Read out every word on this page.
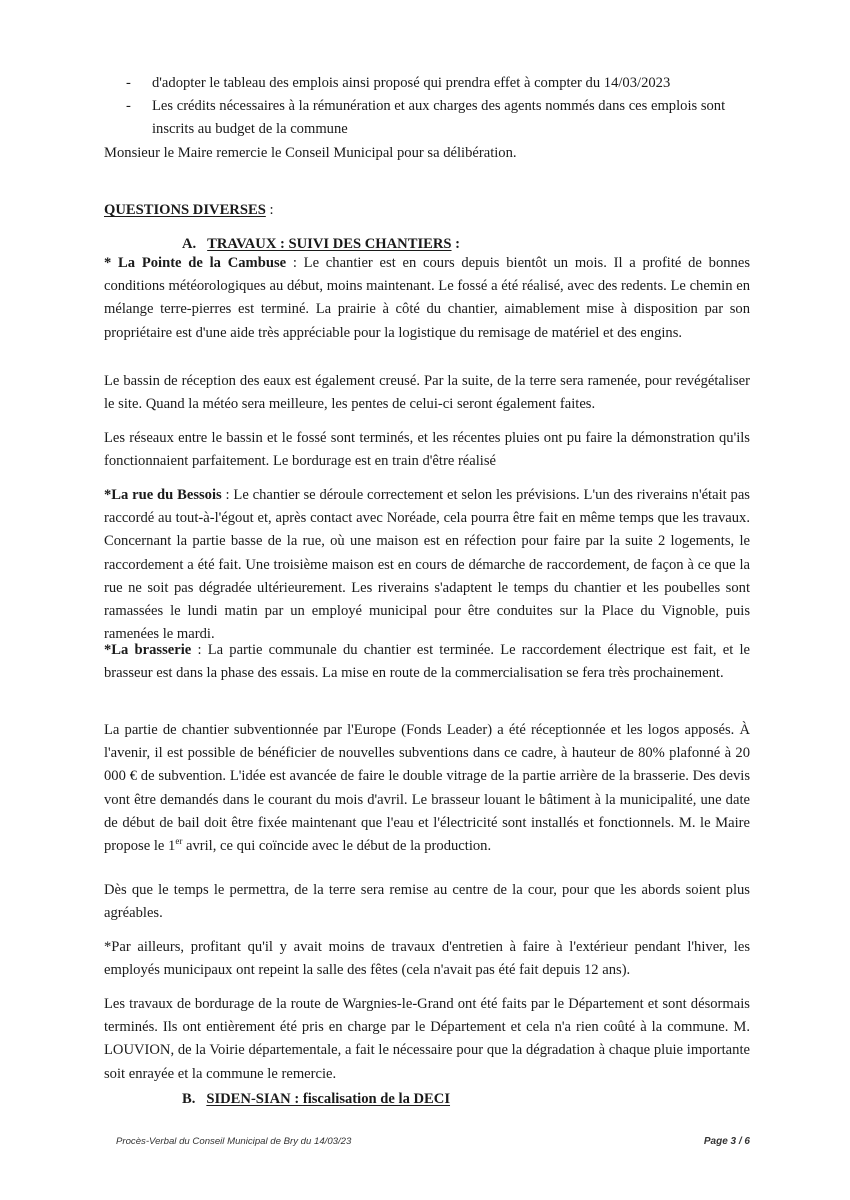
- d'adopter le tableau des emplois ainsi proposé qui prendra effet à compter du 14/03/2023
- Les crédits nécessaires à la rémunération et aux charges des agents nommés dans ces emplois sont inscrits au budget de la commune
Monsieur le Maire remercie le Conseil Municipal pour sa délibération.
QUESTIONS DIVERSES :
A. TRAVAUX : SUIVI DES CHANTIERS :
* La Pointe de la Cambuse : Le chantier est en cours depuis bientôt un mois. Il a profité de bonnes conditions météorologiques au début, moins maintenant. Le fossé a été réalisé, avec des redents. Le chemin en mélange terre-pierres est terminé. La prairie à côté du chantier, aimablement mise à disposition par son propriétaire est d'une aide très appréciable pour la logistique du remisage de matériel et des engins.
Le bassin de réception des eaux est également creusé. Par la suite, de la terre sera ramenée, pour revégétaliser le site. Quand la météo sera meilleure, les pentes de celui-ci seront également faites.
Les réseaux entre le bassin et le fossé sont terminés, et les récentes pluies ont pu faire la démonstration qu'ils fonctionnaient parfaitement. Le bordurage est en train d'être réalisé
*La rue du Bessois : Le chantier se déroule correctement et selon les prévisions. L'un des riverains n'était pas raccordé au tout-à-l'égout et, après contact avec Noréade, cela pourra être fait en même temps que les travaux. Concernant la partie basse de la rue, où une maison est en réfection pour faire par la suite 2 logements, le raccordement a été fait. Une troisième maison est en cours de démarche de raccordement, de façon à ce que la rue ne soit pas dégradée ultérieurement. Les riverains s'adaptent le temps du chantier et les poubelles sont ramassées le lundi matin par un employé municipal pour être conduites sur la Place du Vignoble, puis ramenées le mardi.
*La brasserie : La partie communale du chantier est terminée. Le raccordement électrique est fait, et le brasseur est dans la phase des essais. La mise en route de la commercialisation se fera très prochainement.
La partie de chantier subventionnée par l'Europe (Fonds Leader) a été réceptionnée et les logos apposés. À l'avenir, il est possible de bénéficier de nouvelles subventions dans ce cadre, à hauteur de 80% plafonné à 20 000 € de subvention. L'idée est avancée de faire le double vitrage de la partie arrière de la brasserie. Des devis vont être demandés dans le courant du mois d'avril. Le brasseur louant le bâtiment à la municipalité, une date de début de bail doit être fixée maintenant que l'eau et l'électricité sont installés et fonctionnels. M. le Maire propose le 1er avril, ce qui coïncide avec le début de la production.
Dès que le temps le permettra, de la terre sera remise au centre de la cour, pour que les abords soient plus agréables.
*Par ailleurs, profitant qu'il y avait moins de travaux d'entretien à faire à l'extérieur pendant l'hiver, les employés municipaux ont repeint la salle des fêtes (cela n'avait pas été fait depuis 12 ans).
Les travaux de bordurage de la route de Wargnies-le-Grand ont été faits par le Département et sont désormais terminés. Ils ont entièrement été pris en charge par le Département et cela n'a rien coûté à la commune. M. LOUVION, de la Voirie départementale, a fait le nécessaire pour que la dégradation à chaque pluie importante soit enrayée et la commune le remercie.
B. SIDEN-SIAN : fiscalisation de la DECI
Procès-Verbal du Conseil Municipal de Bry du 14/03/23	Page 3 / 6
